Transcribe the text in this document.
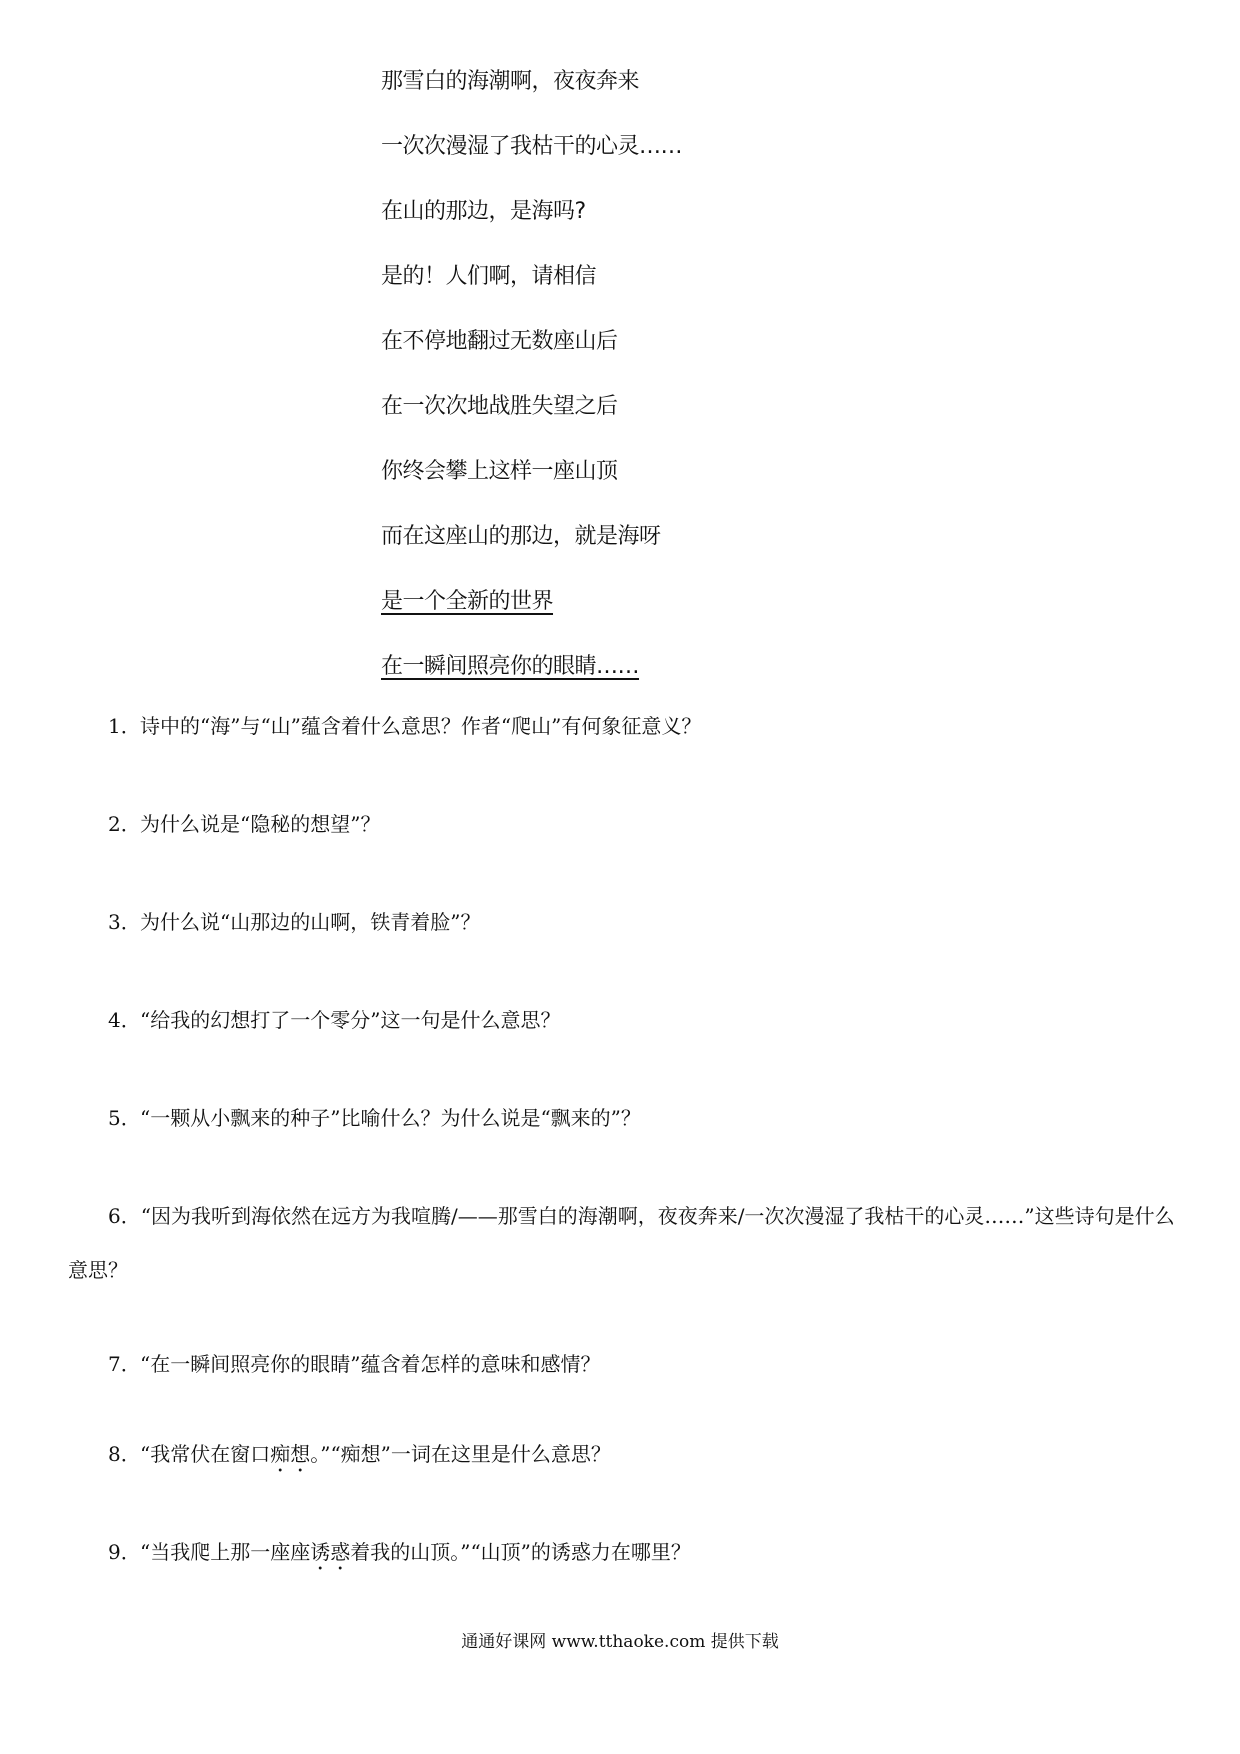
那雪白的海潮啊，夜夜奔来
一次次漫湿了我枯干的心灵……
在山的那边，是海吗?
是的！人们啊，请相信
在不停地翻过无数座山后
在一次次地战胜失望之后
你终会攀上这样一座山顶
而在这座山的那边，就是海呀
是一个全新的世界
在一瞬间照亮你的眼睛……
1．诗中的“海”与“山”蕴含着什么意思？作者“爬山”有何象征意义？
2．为什么说是“隐秘的想望”？
3．为什么说“山那边的山啊，铁青着脸”？
4．“给我的幻想打了一个零分”这一句是什么意思？
5．“一颗从小飘来的种子”比喻什么？为什么说是“飘来的”？
6．“因为我听到海依然在远方为我喧腾/——那雪白的海潮啊，夜夜奔来/一次次漫湿了我枯干的心灵……”这些诗句是什么意思？
7．“在一瞬间照亮你的眼睛”蕴含着怎样的意味和感情？
8．“我常伏在窗口痴想。”“痴想”一词在这里是什么意思？
9．“当我爬上那一座座诱惑着我的山顶。”“山顶”的诱惑力在哪里？
通通好课网 www.tthaoke.com 提供下载
